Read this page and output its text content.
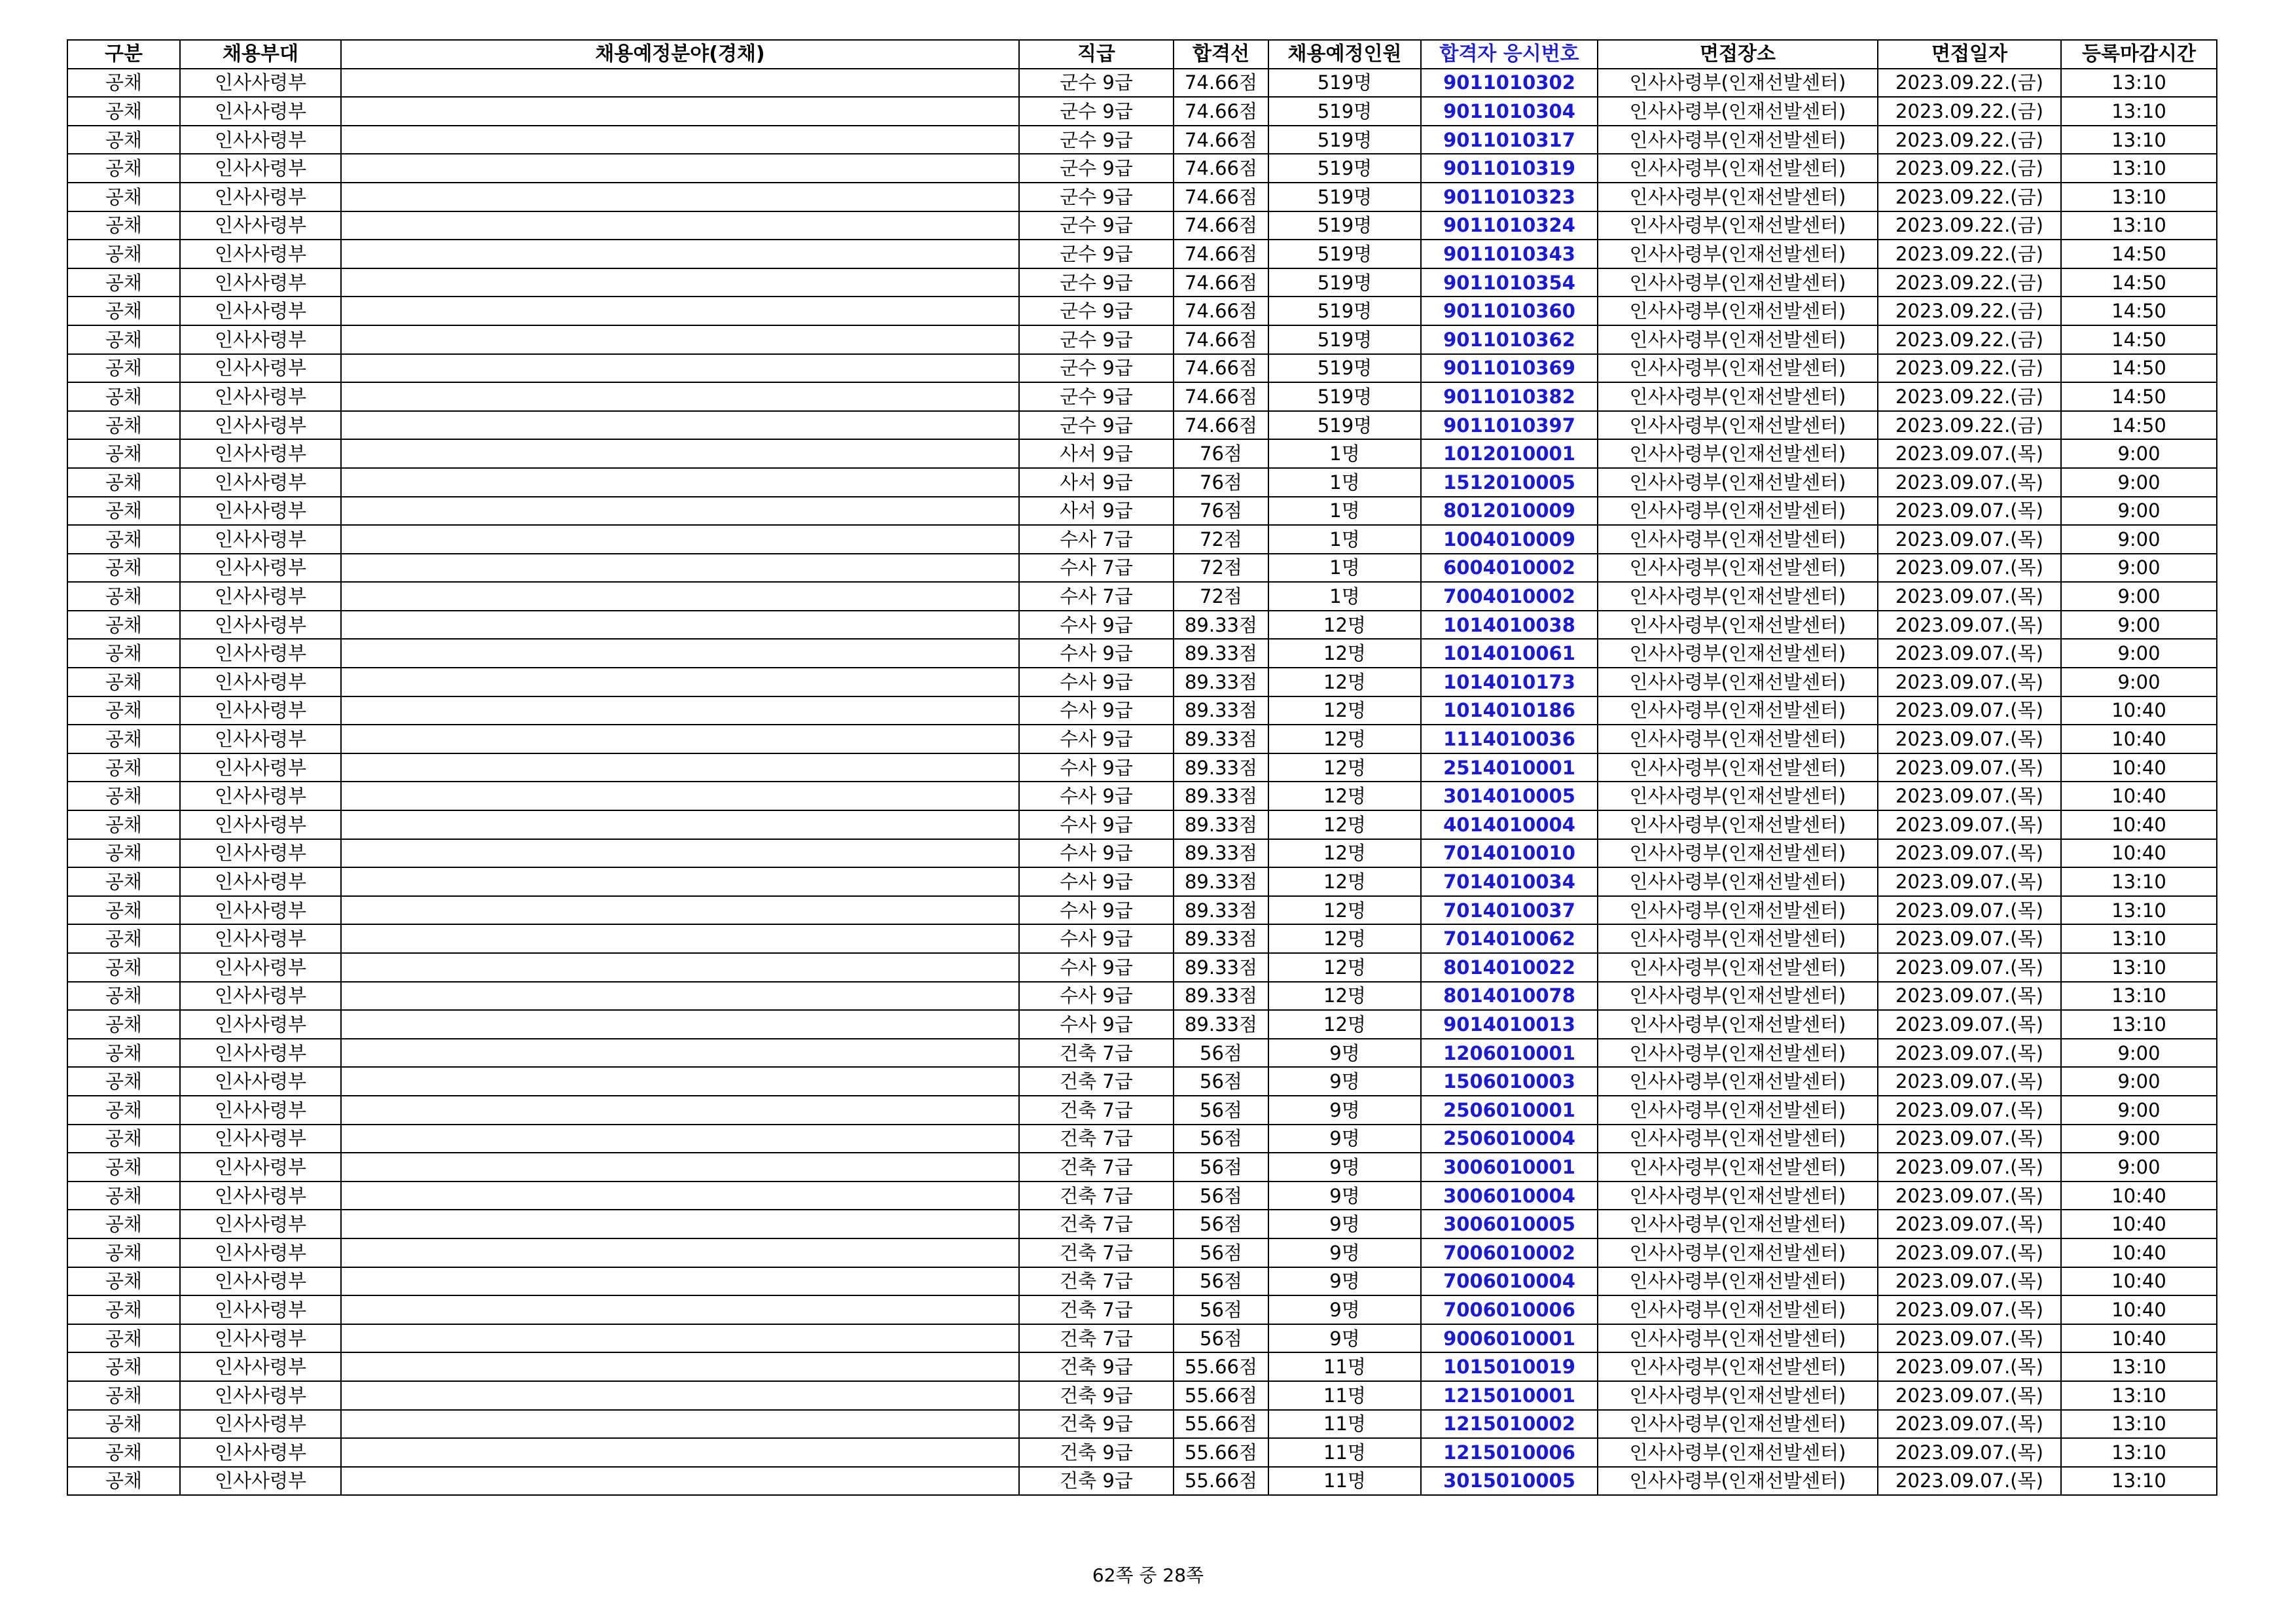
구분	채용부대	채용예정분야(경채)	직급	합격선	채용예정인원	합격자 응시번호	면접장소	면접일자	등록마감시간
공채	인사사령부		군수 9급	74.66점	519명	9011010302	인사사령부(인재선발센터)	2023.09.22.(금)	13:10
공채	인사사령부		군수 9급	74.66점	519명	9011010304	인사사령부(인재선발센터)	2023.09.22.(금)	13:10
공채	인사사령부		군수 9급	74.66점	519명	9011010317	인사사령부(인재선발센터)	2023.09.22.(금)	13:10
공채	인사사령부		군수 9급	74.66점	519명	9011010319	인사사령부(인재선발센터)	2023.09.22.(금)	13:10
공채	인사사령부		군수 9급	74.66점	519명	9011010323	인사사령부(인재선발센터)	2023.09.22.(금)	13:10
공채	인사사령부		군수 9급	74.66점	519명	9011010324	인사사령부(인재선발센터)	2023.09.22.(금)	13:10
공채	인사사령부		군수 9급	74.66점	519명	9011010343	인사사령부(인재선발센터)	2023.09.22.(금)	14:50
공채	인사사령부		군수 9급	74.66점	519명	9011010354	인사사령부(인재선발센터)	2023.09.22.(금)	14:50
공채	인사사령부		군수 9급	74.66점	519명	9011010360	인사사령부(인재선발센터)	2023.09.22.(금)	14:50
공채	인사사령부		군수 9급	74.66점	519명	9011010362	인사사령부(인재선발센터)	2023.09.22.(금)	14:50
공채	인사사령부		군수 9급	74.66점	519명	9011010369	인사사령부(인재선발센터)	2023.09.22.(금)	14:50
공채	인사사령부		군수 9급	74.66점	519명	9011010382	인사사령부(인재선발센터)	2023.09.22.(금)	14:50
공채	인사사령부		군수 9급	74.66점	519명	9011010397	인사사령부(인재선발센터)	2023.09.22.(금)	14:50
공채	인사사령부		사서 9급	76점	1명	1012010001	인사사령부(인재선발센터)	2023.09.07.(목)	9:00
공채	인사사령부		사서 9급	76점	1명	1512010005	인사사령부(인재선발센터)	2023.09.07.(목)	9:00
공채	인사사령부		사서 9급	76점	1명	8012010009	인사사령부(인재선발센터)	2023.09.07.(목)	9:00
공채	인사사령부		수사 7급	72점	1명	1004010009	인사사령부(인재선발센터)	2023.09.07.(목)	9:00
공채	인사사령부		수사 7급	72점	1명	6004010002	인사사령부(인재선발센터)	2023.09.07.(목)	9:00
공채	인사사령부		수사 7급	72점	1명	7004010002	인사사령부(인재선발센터)	2023.09.07.(목)	9:00
공채	인사사령부		수사 9급	89.33점	12명	1014010038	인사사령부(인재선발센터)	2023.09.07.(목)	9:00
공채	인사사령부		수사 9급	89.33점	12명	1014010061	인사사령부(인재선발센터)	2023.09.07.(목)	9:00
공채	인사사령부		수사 9급	89.33점	12명	1014010173	인사사령부(인재선발센터)	2023.09.07.(목)	9:00
공채	인사사령부		수사 9급	89.33점	12명	1014010186	인사사령부(인재선발센터)	2023.09.07.(목)	10:40
공채	인사사령부		수사 9급	89.33점	12명	1114010036	인사사령부(인재선발센터)	2023.09.07.(목)	10:40
공채	인사사령부		수사 9급	89.33점	12명	2514010001	인사사령부(인재선발센터)	2023.09.07.(목)	10:40
공채	인사사령부		수사 9급	89.33점	12명	3014010005	인사사령부(인재선발센터)	2023.09.07.(목)	10:40
공채	인사사령부		수사 9급	89.33점	12명	4014010004	인사사령부(인재선발센터)	2023.09.07.(목)	10:40
공채	인사사령부		수사 9급	89.33점	12명	7014010010	인사사령부(인재선발센터)	2023.09.07.(목)	10:40
공채	인사사령부		수사 9급	89.33점	12명	7014010034	인사사령부(인재선발센터)	2023.09.07.(목)	13:10
공채	인사사령부		수사 9급	89.33점	12명	7014010037	인사사령부(인재선발센터)	2023.09.07.(목)	13:10
공채	인사사령부		수사 9급	89.33점	12명	7014010062	인사사령부(인재선발센터)	2023.09.07.(목)	13:10
공채	인사사령부		수사 9급	89.33점	12명	8014010022	인사사령부(인재선발센터)	2023.09.07.(목)	13:10
공채	인사사령부		수사 9급	89.33점	12명	8014010078	인사사령부(인재선발센터)	2023.09.07.(목)	13:10
공채	인사사령부		수사 9급	89.33점	12명	9014010013	인사사령부(인재선발센터)	2023.09.07.(목)	13:10
공채	인사사령부		건축 7급	56점	9명	1206010001	인사사령부(인재선발센터)	2023.09.07.(목)	9:00
공채	인사사령부		건축 7급	56점	9명	1506010003	인사사령부(인재선발센터)	2023.09.07.(목)	9:00
공채	인사사령부		건축 7급	56점	9명	2506010001	인사사령부(인재선발센터)	2023.09.07.(목)	9:00
공채	인사사령부		건축 7급	56점	9명	2506010004	인사사령부(인재선발센터)	2023.09.07.(목)	9:00
공채	인사사령부		건축 7급	56점	9명	3006010001	인사사령부(인재선발센터)	2023.09.07.(목)	9:00
공채	인사사령부		건축 7급	56점	9명	3006010004	인사사령부(인재선발센터)	2023.09.07.(목)	10:40
공채	인사사령부		건축 7급	56점	9명	3006010005	인사사령부(인재선발센터)	2023.09.07.(목)	10:40
공채	인사사령부		건축 7급	56점	9명	7006010002	인사사령부(인재선발센터)	2023.09.07.(목)	10:40
공채	인사사령부		건축 7급	56점	9명	7006010004	인사사령부(인재선발센터)	2023.09.07.(목)	10:40
공채	인사사령부		건축 7급	56점	9명	7006010006	인사사령부(인재선발센터)	2023.09.07.(목)	10:40
공채	인사사령부		건축 7급	56점	9명	9006010001	인사사령부(인재선발센터)	2023.09.07.(목)	10:40
공채	인사사령부		건축 9급	55.66점	11명	1015010019	인사사령부(인재선발센터)	2023.09.07.(목)	13:10
공채	인사사령부		건축 9급	55.66점	11명	1215010001	인사사령부(인재선발센터)	2023.09.07.(목)	13:10
공채	인사사령부		건축 9급	55.66점	11명	1215010002	인사사령부(인재선발센터)	2023.09.07.(목)	13:10
공채	인사사령부		건축 9급	55.66점	11명	1215010006	인사사령부(인재선발센터)	2023.09.07.(목)	13:10
공채	인사사령부		건축 9급	55.66점	11명	3015010005	인사사령부(인재선발센터)	2023.09.07.(목)	13:10
62쪽 중 28쪽
